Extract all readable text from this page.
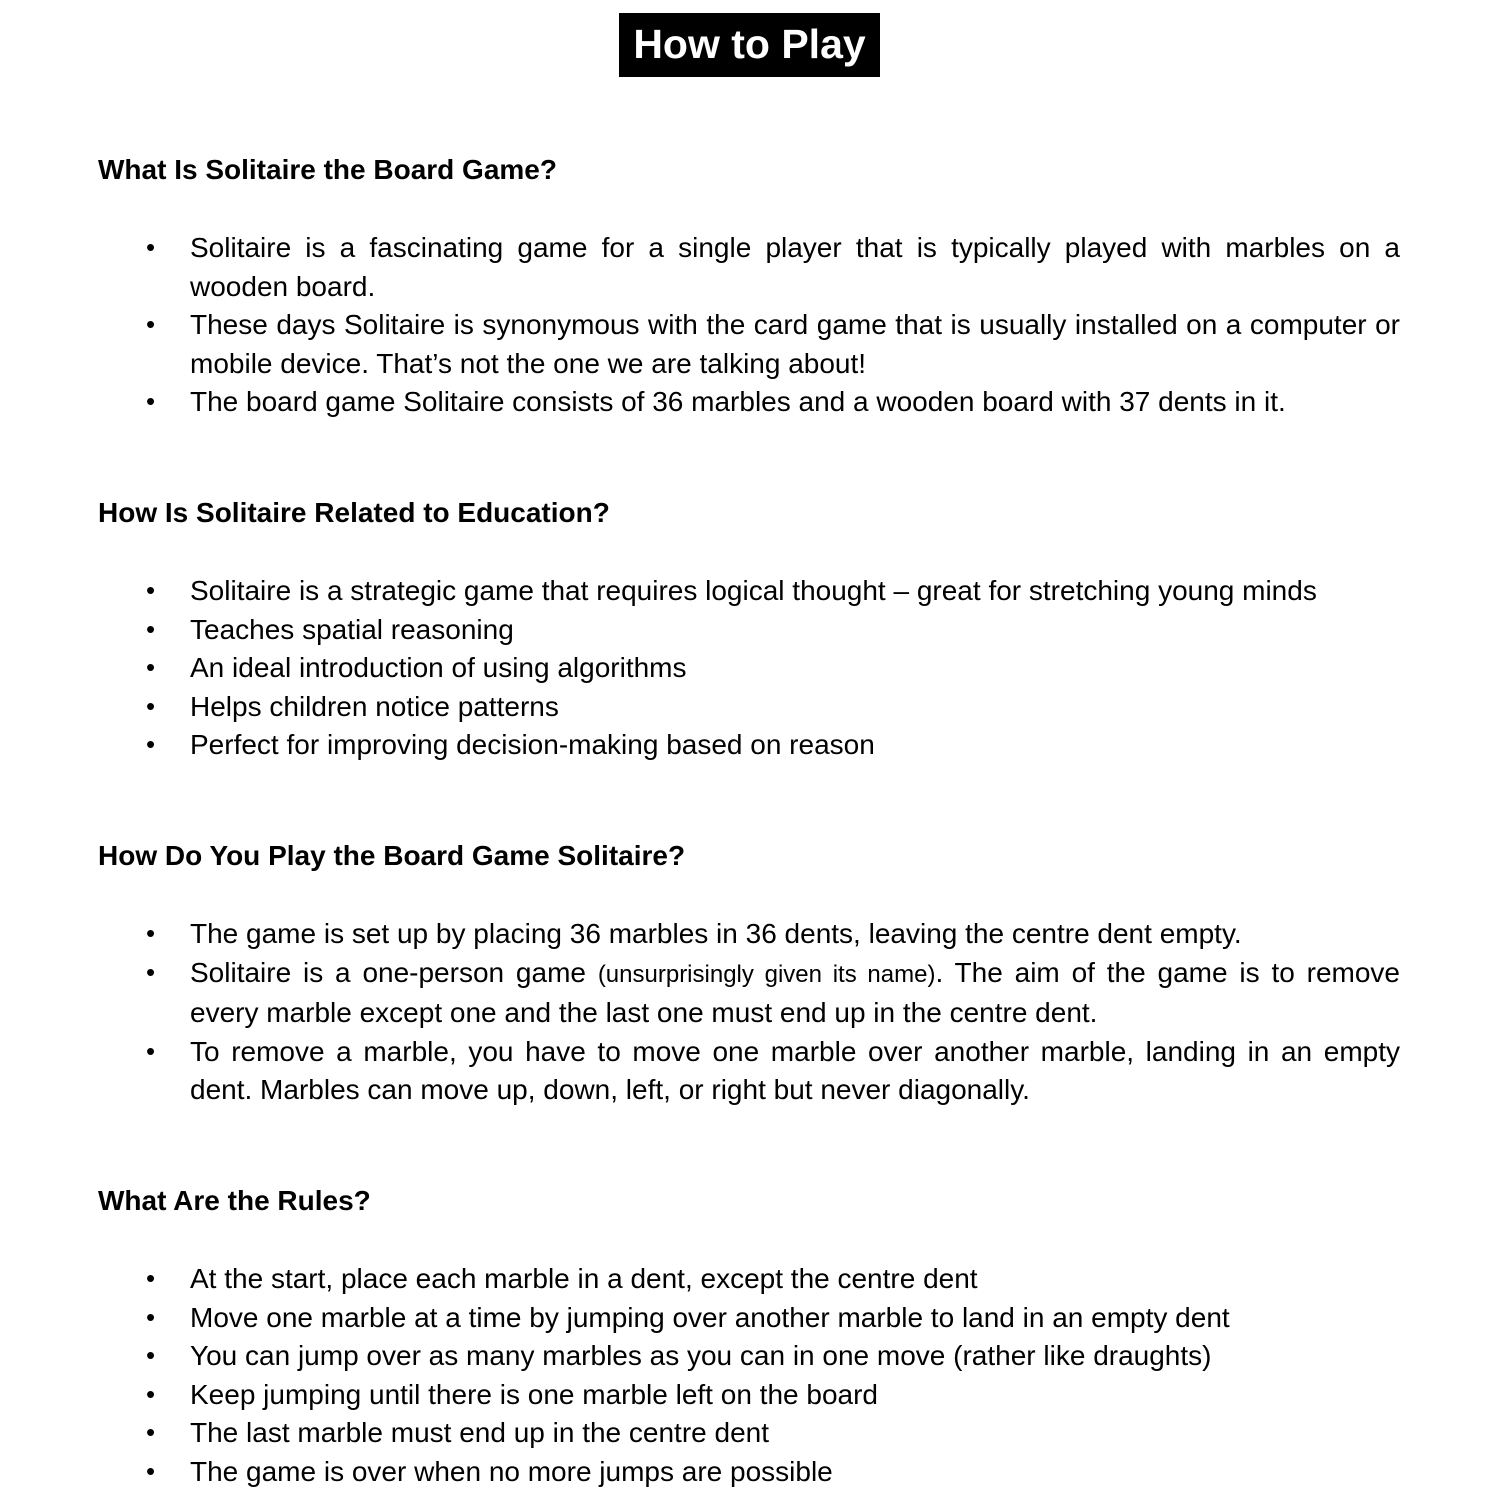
How to Play
What Is Solitaire the Board Game?
• Solitaire is a fascinating game for a single player that is typically played with marbles on a wooden board.
• These days Solitaire is synonymous with the card game that is usually installed on a computer or mobile device. That’s not the one we are talking about!
• The board game Solitaire consists of 36 marbles and a wooden board with 37 dents in it.
How Is Solitaire Related to Education?
• Solitaire is a strategic game that requires logical thought – great for stretching young minds
• Teaches spatial reasoning
• An ideal introduction of using algorithms
• Helps children notice patterns
• Perfect for improving decision-making based on reason
How Do You Play the Board Game Solitaire?
• The game is set up by placing 36 marbles in 36 dents, leaving the centre dent empty.
• Solitaire is a one-person game (unsurprisingly given its name). The aim of the game is to remove every marble except one and the last one must end up in the centre dent.
• To remove a marble, you have to move one marble over another marble, landing in an empty dent. Marbles can move up, down, left, or right but never diagonally.
What Are the Rules?
• At the start, place each marble in a dent, except the centre dent
• Move one marble at a time by jumping over another marble to land in an empty dent
• You can jump over as many marbles as you can in one move (rather like draughts)
• Keep jumping until there is one marble left on the board
• The last marble must end up in the centre dent
• The game is over when no more jumps are possible
